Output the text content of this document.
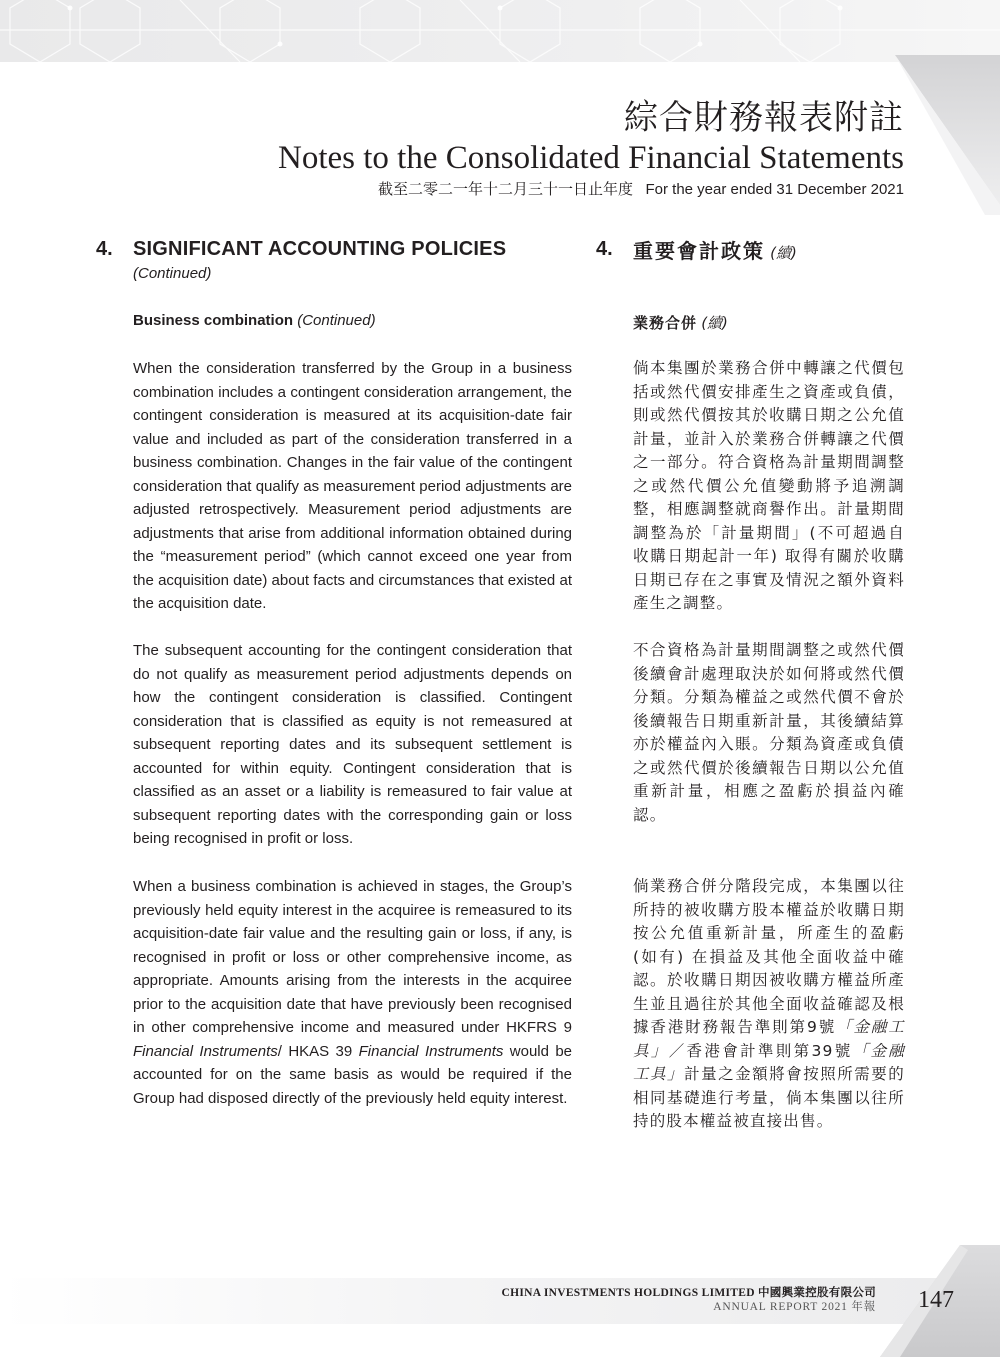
綜合財務報表附註
Notes to the Consolidated Financial Statements
截至二零二一年十二月三十一日止年度 For the year ended 31 December 2021
4. SIGNIFICANT ACCOUNTING POLICIES
(Continued)
4. 重要會計政策 (續)
Business combination (Continued)	業務合併 (續)
When the consideration transferred by the Group in a business combination includes a contingent consideration arrangement, the contingent consideration is measured at its acquisition-date fair value and included as part of the consideration transferred in a business combination. Changes in the fair value of the contingent consideration that qualify as measurement period adjustments are adjusted retrospectively. Measurement period adjustments are adjustments that arise from additional information obtained during the “measurement period” (which cannot exceed one year from the acquisition date) about facts and circumstances that existed at the acquisition date.
The subsequent accounting for the contingent consideration that do not qualify as measurement period adjustments depends on how the contingent consideration is classified. Contingent consideration that is classified as equity is not remeasured at subsequent reporting dates and its subsequent settlement is accounted for within equity. Contingent consideration that is classified as an asset or a liability is remeasured to fair value at subsequent reporting dates with the corresponding gain or loss being recognised in profit or loss.
When a business combination is achieved in stages, the Group’s previously held equity interest in the acquiree is remeasured to its acquisition-date fair value and the resulting gain or loss, if any, is recognised in profit or loss or other comprehensive income, as appropriate. Amounts arising from the interests in the acquiree prior to the acquisition date that have previously been recognised in other comprehensive income and measured under HKFRS 9 Financial Instruments/ HKAS 39 Financial Instruments would be accounted for on the same basis as would be required if the Group had disposed directly of the previously held equity interest.
倘本集團於業務合併中轉讓之代價包括或然代價安排產生之資產或負債，則或然代價按其於收購日期之公允值計量，並計入於業務合併轉讓之代價之一部分。符合資格為計量期間調整之或然代價公允值變動將予追溯調整，相應調整就商譽作出。計量期間調整為於「計量期間」(不可超過自收購日期起計一年) 取得有關於收購日期已存在之事實及情況之額外資料產生之調整。
不合資格為計量期間調整之或然代價後續會計處理取決於如何將或然代價分類。分類為權益之或然代價不會於後續報告日期重新計量，其後續結算亦於權益內入賬。分類為資產或負債之或然代價於後續報告日期以公允值重新計量，相應之盈虧於損益內確認。
倘業務合併分階段完成，本集團以往所持的被收購方股本權益於收購日期按公允值重新計量，所產生的盈虧 (如有) 在損益及其他全面收益中確認。於收購日期因被收購方權益所產生並且過往於其他全面收益確認及根據香港財務報告準則第9號「金融工具」／香港會計準則第39號「金融工具」計量之金額將會按照所需要的相同基礎進行考量，倘本集團以往所持的股本權益被直接出售。
CHINA INVESTMENTS HOLDINGS LIMITED 中國興業控股有限公司
ANNUAL REPORT 2021 年報 147
